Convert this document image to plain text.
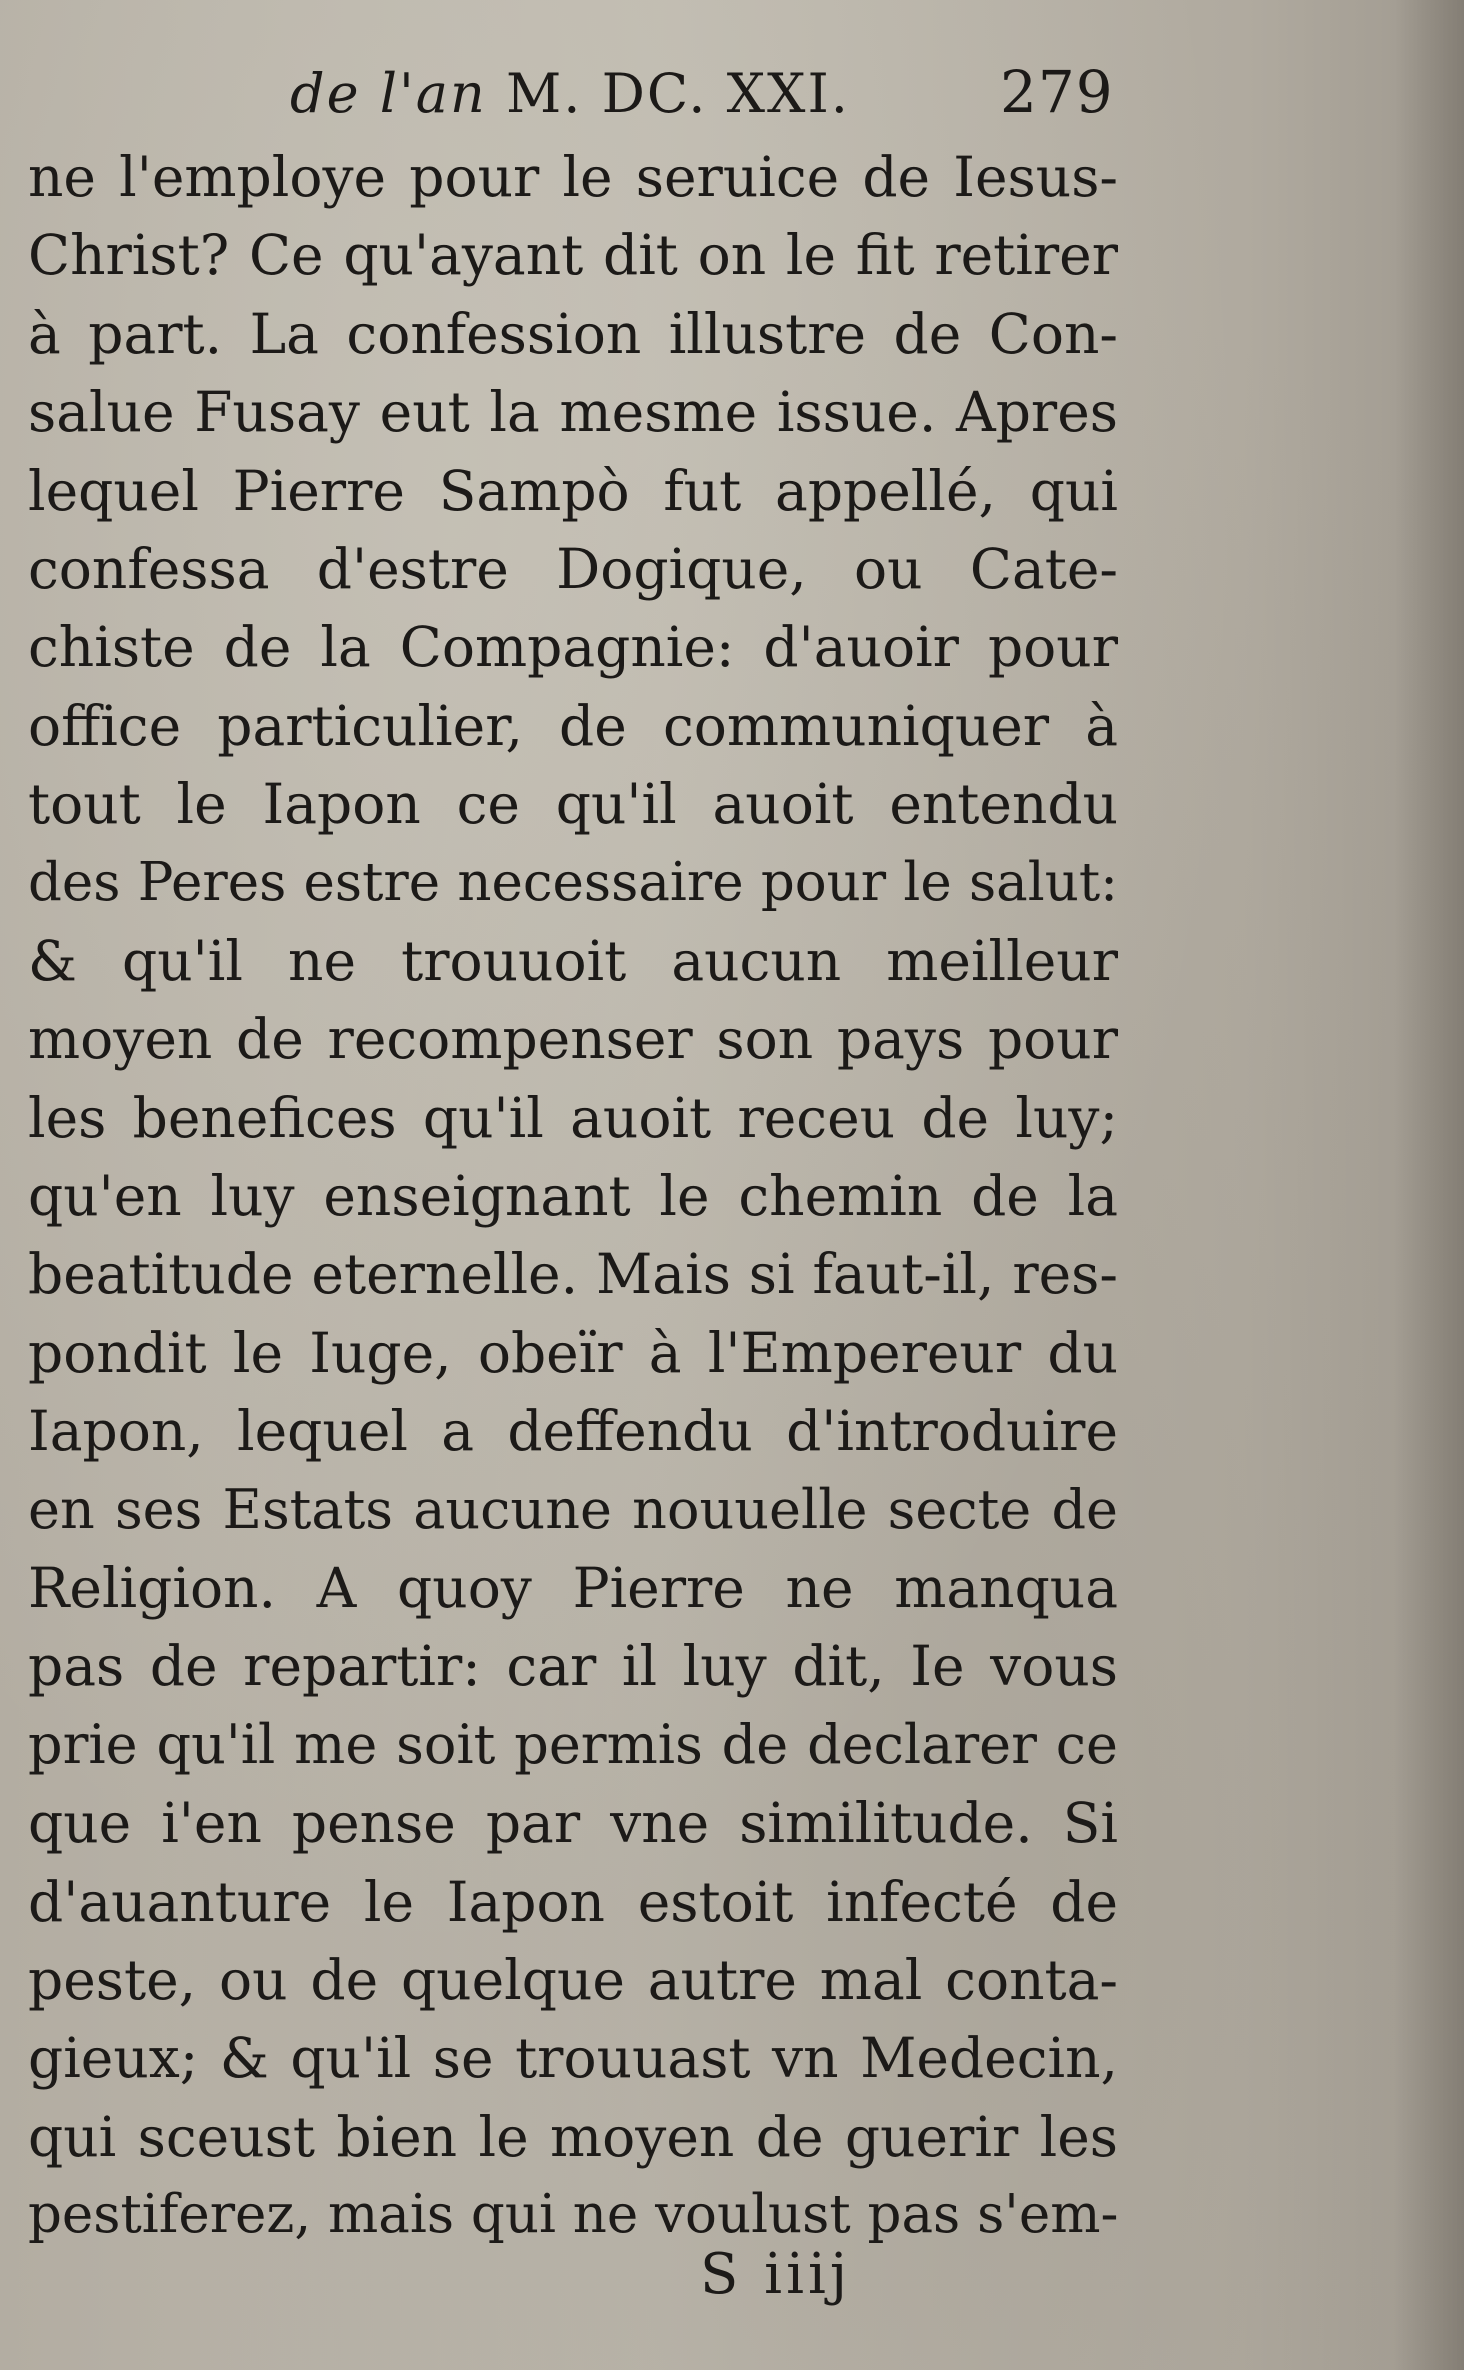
de l'an M. DC. XXI.	279
ne l'employe pour le seruice de Iesus-
Christ? Ce qu'ayant dit on le fit retirer
à part. La confession illustre de Con-
salue Fusay eut la mesme issue. Apres
lequel Pierre Sampò fut appellé, qui
confessa d'estre Dogique, ou Cate-
chiste de la Compagnie: d'auoir pour
office particulier, de communiquer à
tout le Iapon ce qu'il auoit entendu
des Peres estre necessaire pour le salut:
& qu'il ne trouuoit aucun meilleur
moyen de recompenser son pays pour
les benefices qu'il auoit receu de luy;
qu'en luy enseignant le chemin de la
beatitude eternelle. Mais si faut-il, res-
pondit le Iuge, obeïr à l'Empereur du
Iapon, lequel a deffendu d'introduire
en ses Estats aucune nouuelle secte de
Religion. A quoy Pierre ne manqua
pas de repartir: car il luy dit, Ie vous
prie qu'il me soit permis de declarer ce
que i'en pense par vne similitude. Si
d'auanture le Iapon estoit infecté de
peste, ou de quelque autre mal conta-
gieux; & qu'il se trouuast vn Medecin,
qui sceust bien le moyen de guerir les
pestiferez, mais qui ne voulust pas s'em-
S iiij
